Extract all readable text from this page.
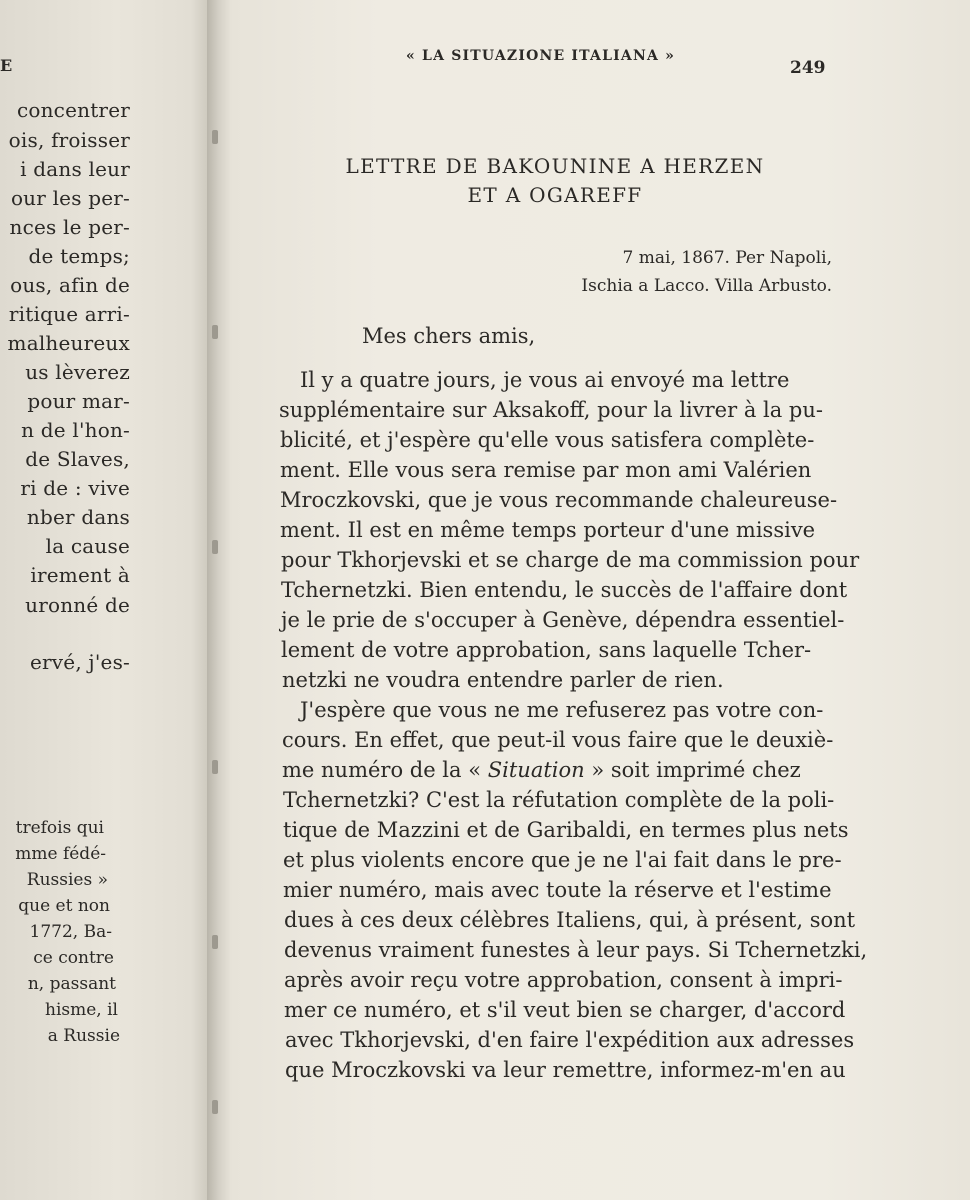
E
concentrer
ois, froisser
i dans leur
our les per-
nces le per-
de temps;
ous, afin de
ritique arri-
malheureux
us lèverez
pour mar-
n de l'hon-
de Slaves,
ri de : vive
nber dans
la cause
irement à
uronné de
ervé, j'es-
trefois qui
mme fédé-
Russies »
que et non
1772, Ba-
ce contre
n, passant
hisme, il
a Russie
« LA SITUAZIONE ITALIANA »
249
LETTRE DE BAKOUNINE A HERZEN
ET A OGAREFF
7 mai, 1867. Per Napoli,
Ischia a Lacco. Villa Arbusto.
Mes chers amis,
Il y a quatre jours, je vous ai envoyé ma lettre
supplémentaire sur Aksakoff, pour la livrer à la pu-
blicité, et j'espère qu'elle vous satisfera complète-
ment. Elle vous sera remise par mon ami Valérien
Mroczkovski, que je vous recommande chaleureuse-
ment. Il est en même temps porteur d'une missive
pour Tkhorjevski et se charge de ma commission pour
Tchernetzki. Bien entendu, le succès de l'affaire dont
je le prie de s'occuper à Genève, dépendra essentiel-
lement de votre approbation, sans laquelle Tcher-
netzki ne voudra entendre parler de rien.
J'espère que vous ne me refuserez pas votre con-
cours. En effet, que peut-il vous faire que le deuxiè-
me numéro de la « Situation » soit imprimé chez
Tchernetzki? C'est la réfutation complète de la poli-
tique de Mazzini et de Garibaldi, en termes plus nets
et plus violents encore que je ne l'ai fait dans le pre-
mier numéro, mais avec toute la réserve et l'estime
dues à ces deux célèbres Italiens, qui, à présent, sont
devenus vraiment funestes à leur pays. Si Tchernetzki,
après avoir reçu votre approbation, consent à impri-
mer ce numéro, et s'il veut bien se charger, d'accord
avec Tkhorjevski, d'en faire l'expédition aux adresses
que Mroczkovski va leur remettre, informez-m'en au
